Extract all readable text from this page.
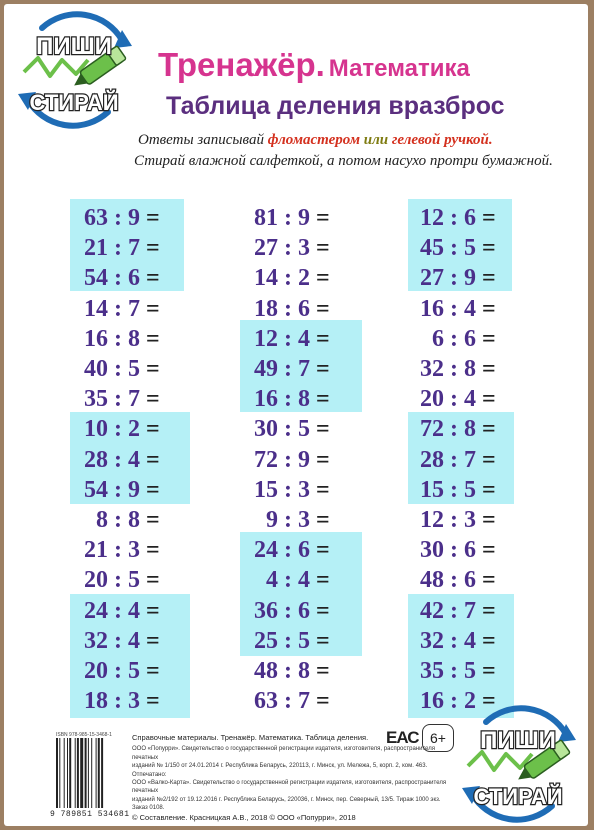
ПИШИ
СТИРАЙ
Тренажёр. Математика
Таблица деления вразброс
Ответы записывай фломастером или гелевой ручкой.
Стирай влажной салфеткой, а потом насухо протри бумажной.
63 : 9 =
21 : 7 =
54 : 6 =
14 : 7 =
16 : 8 =
40 : 5 =
35 : 7 =
10 : 2 =
28 : 4 =
54 : 9 =
8 : 8 =
21 : 3 =
20 : 5 =
24 : 4 =
32 : 4 =
20 : 5 =
18 : 3 =
81 : 9 =
27 : 3 =
14 : 2 =
18 : 6 =
12 : 4 =
49 : 7 =
16 : 8 =
30 : 5 =
72 : 9 =
15 : 3 =
9 : 3 =
24 : 6 =
4 : 4 =
36 : 6 =
25 : 5 =
48 : 8 =
63 : 7 =
12 : 6 =
45 : 5 =
27 : 9 =
16 : 4 =
6 : 6 =
32 : 8 =
20 : 4 =
72 : 8 =
28 : 7 =
15 : 5 =
12 : 3 =
30 : 6 =
48 : 6 =
42 : 7 =
32 : 4 =
35 : 5 =
16 : 2 =
ISBN 978-985-15-3468-1
9 789851 534681
Справочные материалы. Тренажёр. Математика. Таблица деления.
ООО «Попурри». Свидетельство о государственной регистрации издателя, изготовителя, распространителя печатных
изданий № 1/150 от 24.01.2014 г. Республика Беларусь, 220113, г. Минск, ул. Мележа, 5, корп. 2, ком. 463. Отпечатано:
ООО «Валко-Карта». Свидетельство о государственной регистрации издателя, изготовителя, распространителя печатных
изданий №2/192 от 19.12.2016 г. Республика Беларусь, 220036, г. Минск, пер. Северный, 13/5. Тираж 1000 экз. Заказ 0108.
© Составление. Красницкая А.В., 2018 © ООО «Попурри», 2018
ЕАС 6+	ПИШИ
СТИРАЙ
